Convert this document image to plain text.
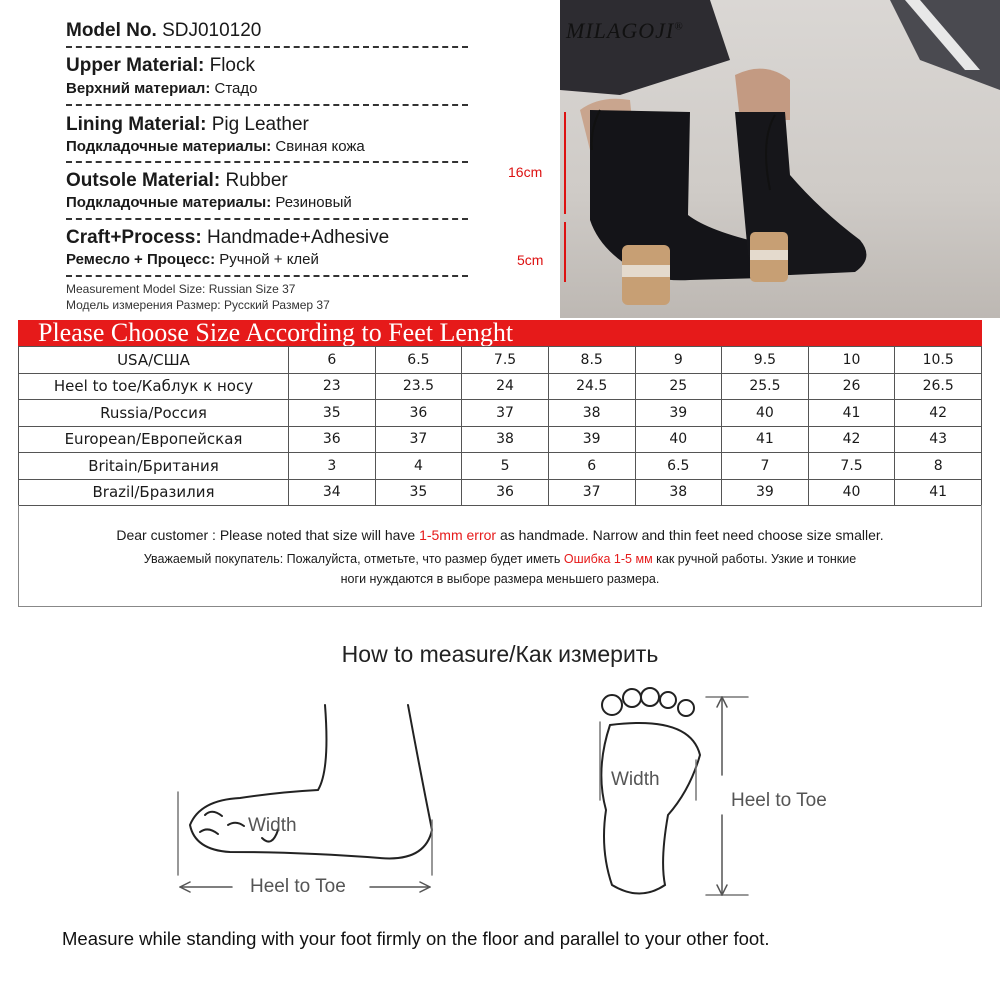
Model No. SDJ010120
Upper Material: Flock
Верхний материал: Стадо
Lining Material: Pig Leather
Подкладочные материалы: Свиная кожа
Outsole Material: Rubber
Подкладочные материалы: Резиновый
Craft+Process: Handmade+Adhesive
Ремесло + Процесс: Ручной + клей
Measurement Model Size: Russian Size 37
Модель измерения Размер: Русский Размер 37
MILAGOJI®
16cm
5cm
Please Choose Size According to Feet Lenght
USA/СШA	6	6.5	7.5	8.5	9	9.5	10	10.5
Heel to toe/Каблук к носу	23	23.5	24	24.5	25	25.5	26	26.5
Russia/Россия	35	36	37	38	39	40	41	42
European/Европейская	36	37	38	39	40	41	42	43
Britain/Британия	3	4	5	6	6.5	7	7.5	8
Brazil/Бразилия	34	35	36	37	38	39	40	41

Dear customer : Please noted that size will have 1-5mm error as handmade. Narrow and thin feet need choose size smaller.

Уважаемый покупатель: Пожалуйста, отметьте, что размер будет иметь Ошибка 1-5 мм как ручной работы. Узкие и тонкие

ноги нуждаются в выборе размера меньшего размера.

How to measure/Как измерить
Width
Heel to Toe
Width
Heel to Toe
Measure while standing with your foot firmly on the floor and parallel to your other foot.
